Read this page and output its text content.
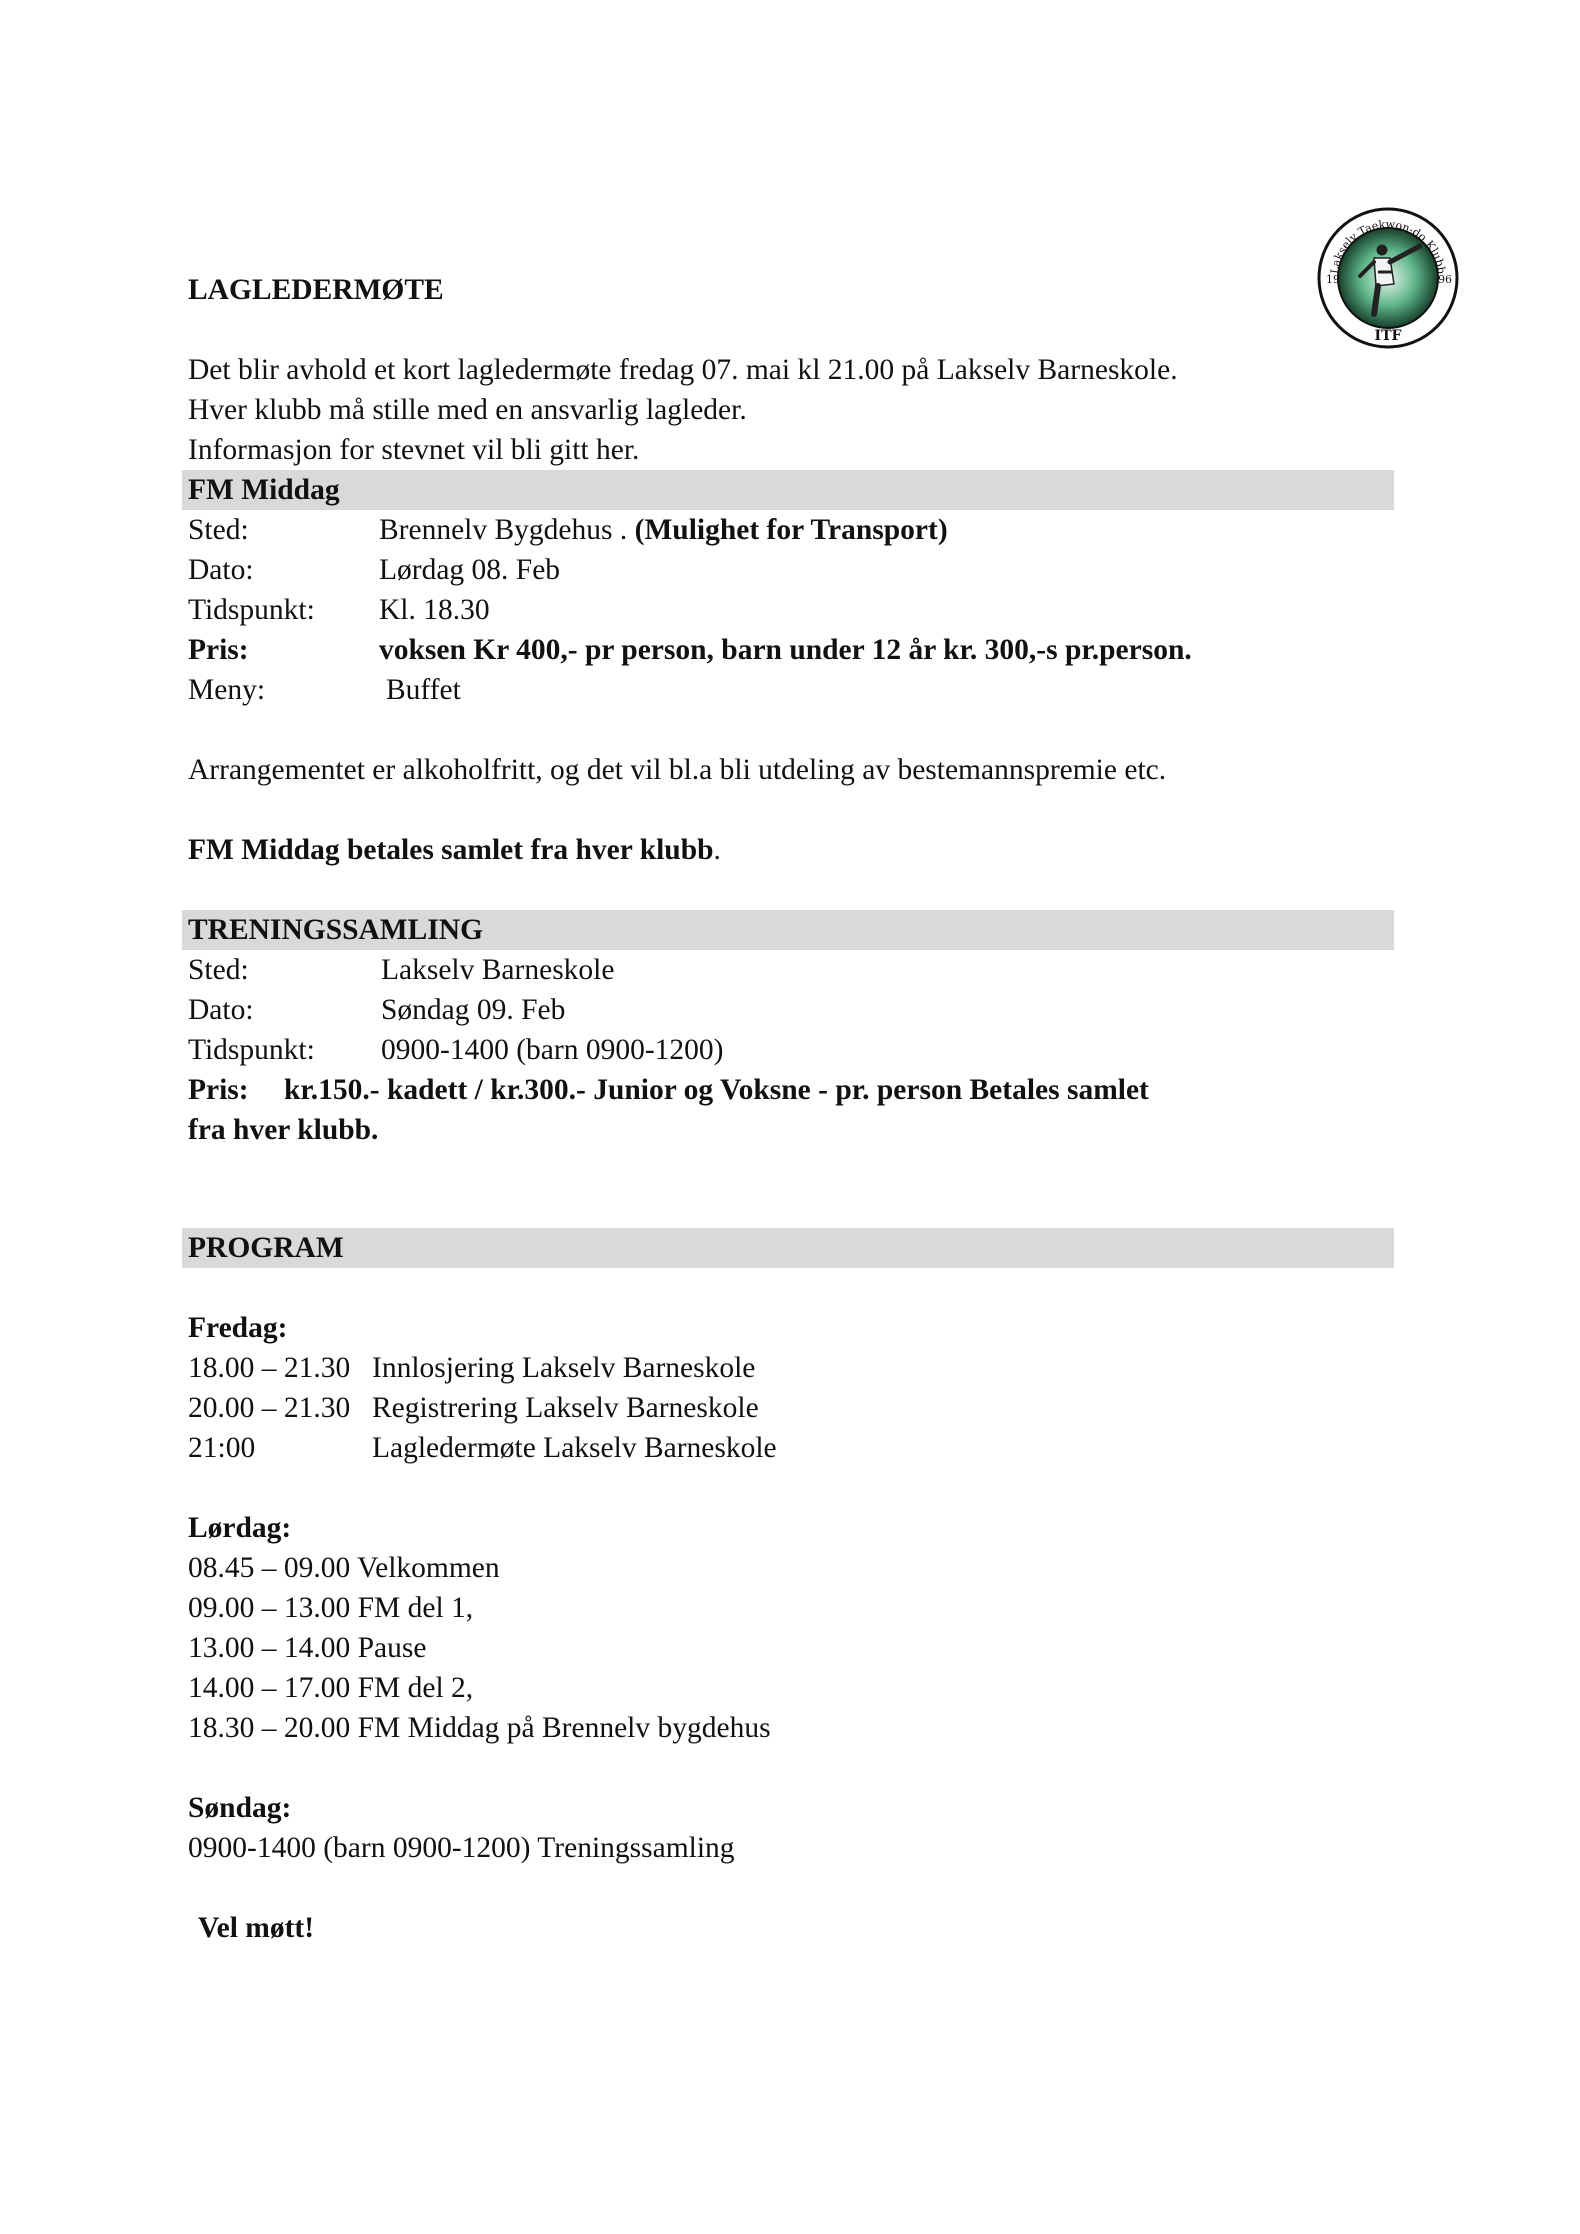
Lakselv Taekwon-do Klubb
19	96
ITF
LAGLEDERMØTE
Det blir avhold et kort lagledermøte fredag 07. mai kl 21.00 på Lakselv Barneskole.
Hver klubb må stille med en ansvarlig lagleder.
Informasjon for stevnet vil bli gitt her.
FM Middag
Sted:	Brennelv Bygdehus . (Mulighet for Transport)
Dato:	Lørdag 08. Feb
Tidspunkt: Kl. 18.30
Pris:	voksen Kr 400,- pr person, barn under 12 år kr. 300,-s pr.person.
Meny:	Buffet
Arrangementet er alkoholfritt, og det vil bl.a bli utdeling av bestemannspremie etc.
FM Middag betales samlet fra hver klubb.
TRENINGSSAMLING
Sted:	Lakselv Barneskole
Dato:	Søndag 09. Feb
Tidspunkt: 0900-1400 (barn 0900-1200)
Pris: kr.150.- kadett / kr.300.- Junior og Voksne - pr. person Betales samlet
fra hver klubb.
PROGRAM
Fredag:
18.00 – 21.30 Innlosjering Lakselv Barneskole
20.00 – 21.30 Registrering Lakselv Barneskole
21:00	Lagledermøte Lakselv Barneskole
Lørdag:
08.45 – 09.00 Velkommen
09.00 – 13.00 FM del 1,
13.00 – 14.00 Pause
14.00 – 17.00 FM del 2,
18.30 – 20.00 FM Middag på Brennelv bygdehus
Søndag:
0900-1400 (barn 0900-1200) Treningssamling
Vel møtt!
